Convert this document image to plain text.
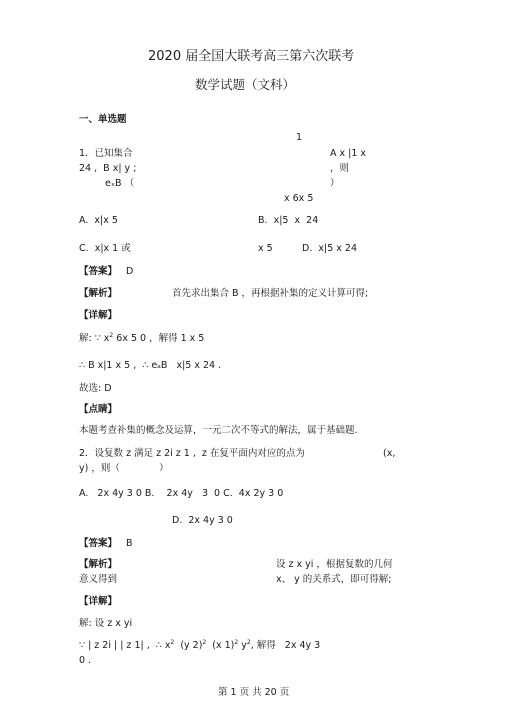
2020 届全国大联考高三第六次联考
数学试题（文科）
一、单选题
1
1．已知集合	A x |1 x
24 ,  B x| y ;	，则
eₓB （	）
x 6x 5
A.  x|x 5	B.  x|5  x  24
C.  x|x 1 或	x 5	D.  x|5 x 24
【答案】 D
【解析】	首先求出集合 B ，再根据补集的定义计算可得;
【详解】
解: ∵ $x^2$ 6x 5 0 ，解得 1 x 5
∴ B x|1 x 5 ,  ∴ eₐB   x|5 x 24 .
故选: D
【点睛】
本题考查补集的概念及运算，一元二次不等式的解法，属于基础题.
2．设复数 z 满足 z 2i z 1 ,  z 在复平面内对应的点为	(x,
y) ，则（             ）
A.   2x 4y 3 0 B.    2x 4y   3  0 C.  4x 2y 3 0
D.  2x 4y 3 0
【答案】 B
【解析】	设 z x yi ，根据复数的几何
意义得到	x、 y 的关系式，即可得解;
【详解】
解: 设 z x yi
∵ | z 2i | | z 1| ,  ∴ $x^2$  (y 2)$^2$  (x 1)$^2$ $y^2$, 解得   2x 4y 3
0 .
第 1 页 共 20 页
